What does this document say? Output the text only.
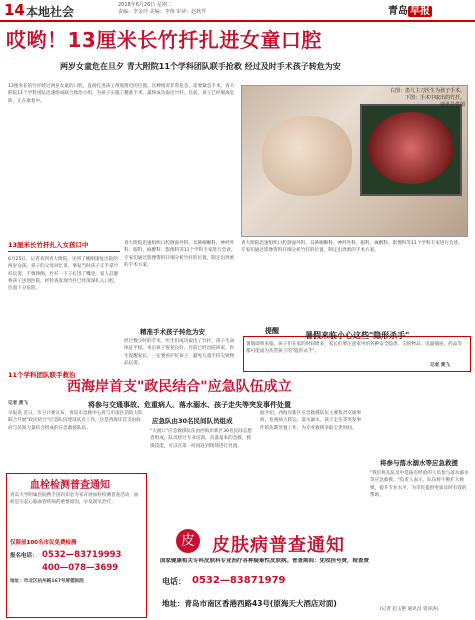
14 本地社会	2018年6月26日 星期二
责编：李金玲 美编：李翔 审读：赵秋芹	青岛 早报
哎哟！13厘米长竹扦扎进女童口腔
两岁女童危在旦夕 青大附院11个学科团队联手抢救 经过及时手术孩子转危为安
13厘米长的竹扦经过两岁女童的口腔，直接扎进孩子颅底附近的位置。这种情况非常危急，需要紧急手术。青大附院11个学科团队迅速组成联合救治小组，为孩子实施了精准手术，最终成功取出竹扦。目前，孩子已经脱离危险，正在康复中。
右图：患儿主刀医生为孩子手术。
下图：手术中取出的竹扦。
通讯员供图
13厘米长竹扦扎入女孩口中
6月25日，记者来到青大附院，见到了刚刚康复出院的两岁女孩。孩子的父母回忆说，事发当时孩子正手拿竹扦玩耍，不慎摔倒，竹扦一下子扎进了嘴里。家人赶紧将孩子送到医院，经检查发现竹扦已经深深扎入口腔，位置十分危险。
11个学科团队联手救治
青大附院迅速组织口腔颌面外科、耳鼻咽喉科、神经外科、眼科、麻醉科、影像科等11个学科专家进行会诊。专家们通过影像资料仔细分析竹扦的位置，制定出周密的手术方案。
精准手术孩子转危为安
经过数小时的手术，医生们成功取出了竹扦，孩子生命体征平稳。术后孩子恢复良好，目前已经出院回家。医生提醒家长，一定要看护好孩子，避免儿童手持尖锐物品玩耍。
青大附院迅速组织口腔颌面外科、耳鼻咽喉科、神经外科、眼科、麻醉科、影像科等11个学科专家进行会诊。专家们通过影像资料仔细分析竹扦的位置，制定出周密的手术方案。
提醒	暑假来临小心这些"隐形杀手"
暑假即将来临，孩子们在家的时间增多，家长们要注意家中的各种安全隐患。尖锐物品、电器插座、药品等都可能成为伤害孩子的"隐形杀手"。
记者 黄飞
西海岸首支"政民结合"应急队伍成立
将参与交通事故、危重病人、落水溺水、孩子走失等突发事件处置
记者 黄飞
早报讯 近日，市卫计委宣布，青岛市急救中心将与市南区消防大队联合开展"政民结合"应急队伍建设试点工作，这是西海岸首支由政府与民间力量结合组成的应急救援队伍。
应急队由30名民间队员组成
"大流口"应急救援队伍由西海岸新区30名民间志愿者组成，队员经过专业培训，具备基本的急救、救援技能，可以在第一时间赶到现场进行处置。
据介绍，西海岸新区应急救援队伍主要负责交通事故、危重病人转运、落水溺水、孩子走失等突发事件的先期处置工作，为专业救援争取宝贵时间。
将参与落水溺水等应急救援
"我们将从队员中选拔有经验的人员参与落水溺水等应急救援。"负责人表示，队伍将不断扩大规模，提升专业水平，为市民提供更加及时有效的帮助。
(记者 赵玉艳 通讯员 曾涛涛)
血栓检测普查通知
青岛大学附属医院携手国内知名专家开展血栓检测普查活动，血栓是引起心脑血管疾病的重要原因，早发现早治疗。
仅限前100名市民免费检测
报名电话： 0532—83719993
400—078—3699
地址：市北区杭州路167号屏德医院
皮 皮肤病普查通知
国家健康相关专科皮肤科专业治疗各种疑难性皮肤病。普查期间：免收挂号费，检查费
电话： 0532—83871979
地址：青岛市南区香港西路43号(原海天大酒店对面)
